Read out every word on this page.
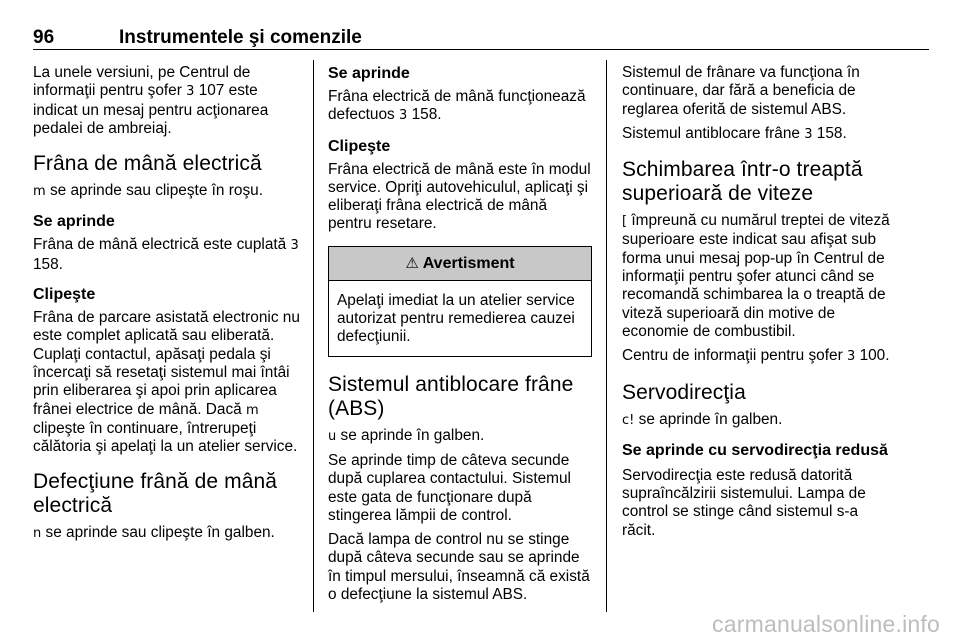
96	Instrumentele şi comenzile

La unele versiuni, pe Centrul de informaţii pentru şofer 3 107 este indicat un mesaj pentru acţionarea pedalei de ambreiaj.

Frâna de mână electrică

m se aprinde sau clipeşte în roşu.

Se aprinde

Frâna de mână electrică este cuplată 3 158.

Clipeşte

Frâna de parcare asistată electronic nu este complet aplicată sau eliberată. Cuplaţi contactul, apăsaţi pedala şi încercaţi să resetaţi sistemul mai întâi prin eliberarea şi apoi prin aplicarea frânei electrice de mână. Dacă m clipeşte în continuare, întrerupeţi călătoria şi apelaţi la un atelier service.

Defecţiune frână de mână electrică

n se aprinde sau clipeşte în galben.

Se aprinde

Frâna electrică de mână funcţionează defectuos 3 158.

Clipeşte

Frâna electrică de mână este în modul service. Opriţi autovehiculul, aplicaţi şi eliberaţi frâna electrică de mână pentru resetare.

⚠ Avertisment
Apelaţi imediat la un atelier service autorizat pentru remedierea cauzei defecţiunii.
Sistemul antiblocare frâne (ABS)

u se aprinde în galben.

Se aprinde timp de câteva secunde după cuplarea contactului. Sistemul este gata de funcţionare după stingerea lămpii de control.

Dacă lampa de control nu se stinge după câteva secunde sau se aprinde în timpul mersului, înseamnă că există o defecţiune la sistemul ABS.

Sistemul de frânare va funcţiona în continuare, dar fără a beneficia de reglarea oferită de sistemul ABS.

Sistemul antiblocare frâne 3 158.

Schimbarea într-o treaptă superioară de viteze

[ împreună cu numărul treptei de viteză superioare este indicat sau afişat sub forma unui mesaj pop-up în Centrul de informaţii pentru şofer atunci când se recomandă schimbarea la o treaptă de viteză superioară din motive de economie de combustibil.

Centru de informaţii pentru şofer 3 100.

Servodirecţia

c! se aprinde în galben.

Se aprinde cu servodirecţia redusă

Servodirecţia este redusă datorită supraîncălzirii sistemului. Lampa de control se stinge când sistemul s-a răcit.

carmanualsonline.info
